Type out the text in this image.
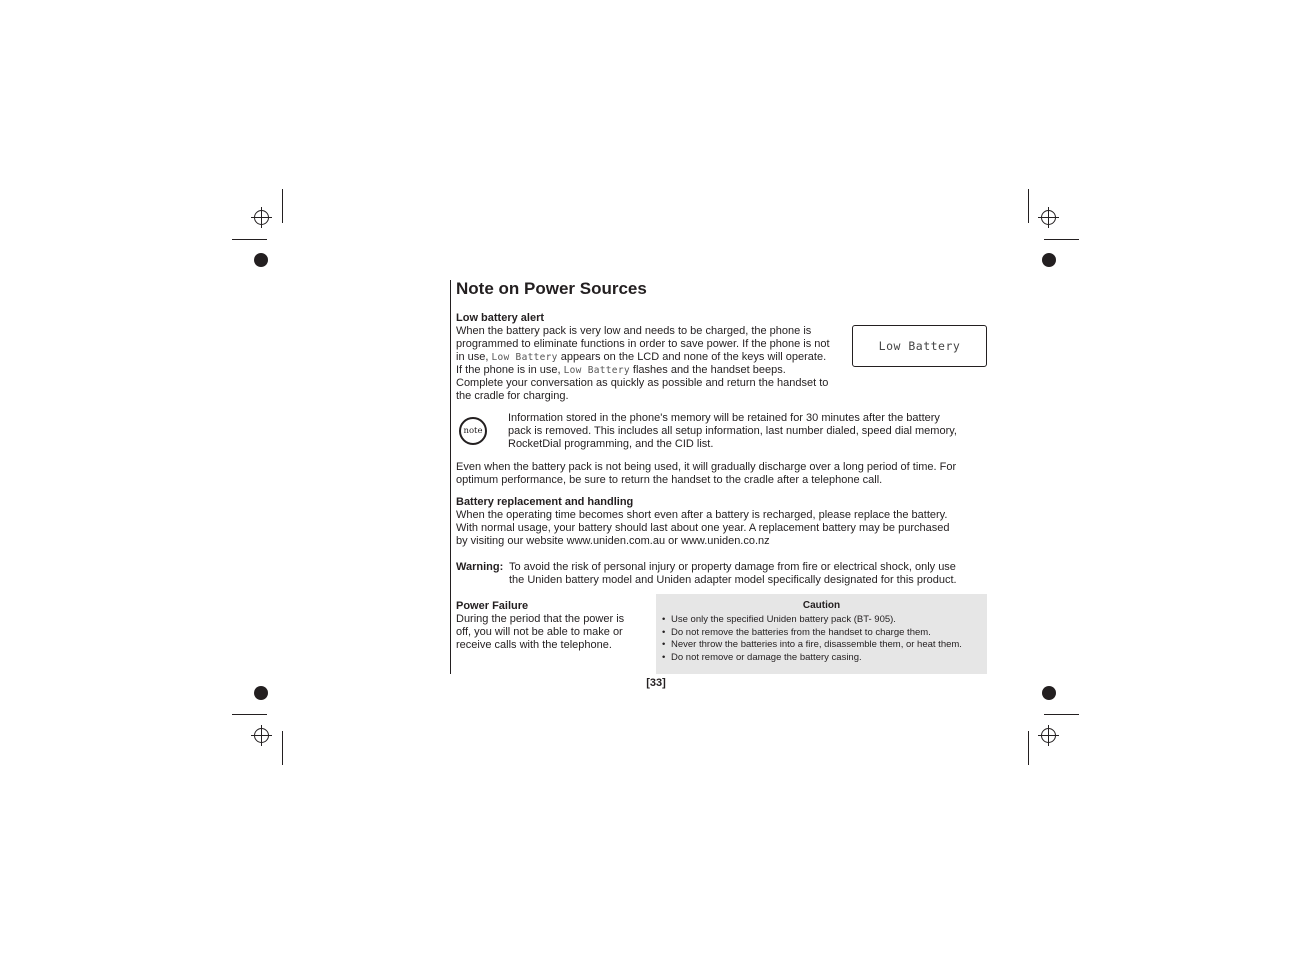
Note on Power Sources
Low battery alert
When the battery pack is very low and needs to be charged, the phone is
programmed to eliminate functions in order to save power. If the phone is not
in use, Low Battery appears on the LCD and none of the keys will operate.
If the phone is in use, Low Battery flashes and the handset beeps.
Complete your conversation as quickly as possible and return the handset to
the cradle for charging.
Low Battery
note
Information stored in the phone's memory will be retained for 30 minutes after the battery
pack is removed. This includes all setup information, last number dialed, speed dial memory,
RocketDial programming, and the CID list.
Even when the battery pack is not being used, it will gradually discharge over a long period of time. For
optimum performance, be sure to return the handset to the cradle after a telephone call.
Battery replacement and handling
When the operating time becomes short even after a battery is recharged, please replace the battery.
With normal usage, your battery should last about one year. A replacement battery may be purchased
by visiting our website www.uniden.com.au or www.uniden.co.nz
Warning: To avoid the risk of personal injury or property damage from fire or electrical shock, only use
the Uniden battery model and Uniden adapter model specifically designated for this product.
Power Failure
During the period that the power is
off, you will not be able to make or
receive calls with the telephone.
Caution
• Use only the specified Uniden battery pack (BT- 905).
• Do not remove the batteries from the handset to charge them.
• Never throw the batteries into a fire, disassemble them, or heat them.
• Do not remove or damage the battery casing.
[33]
